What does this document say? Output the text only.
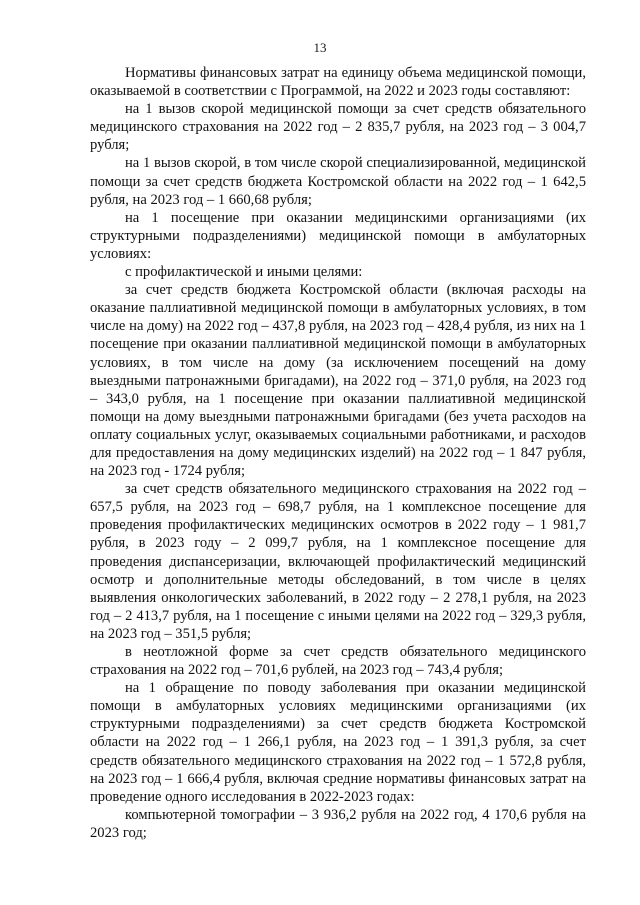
13

Нормативы финансовых затрат на единицу объема медицинской помощи, оказываемой в соответствии с Программой, на 2022 и 2023 годы составляют:

на 1 вызов скорой медицинской помощи за счет средств обязательного медицинского страхования на 2022 год – 2 835,7 рубля, на 2023 год – 3 004,7 рубля;

на 1 вызов скорой, в том числе скорой специализированной, медицинской помощи за счет средств бюджета Костромской области на 2022 год – 1 642,5 рубля, на 2023 год – 1 660,68 рубля;

на 1 посещение при оказании медицинскими организациями (их структурными подразделениями) медицинской помощи в амбулаторных условиях:

с профилактической и иными целями:

за счет средств бюджета Костромской области (включая расходы на оказание паллиативной медицинской помощи в амбулаторных условиях, в том числе на дому) на 2022 год – 437,8 рубля, на 2023 год – 428,4 рубля, из них на 1 посещение при оказании паллиативной медицинской помощи в амбулаторных условиях, в том числе на дому (за исключением посещений на дому выездными патронажными бригадами), на 2022 год – 371,0 рубля, на 2023 год – 343,0 рубля, на 1 посещение при оказании паллиативной медицинской помощи на дому выездными патронажными бригадами (без учета расходов на оплату социальных услуг, оказываемых социальными работниками, и расходов для предоставления на дому медицинских изделий) на 2022 год – 1 847 рубля, на 2023 год - 1724 рубля;

за счет средств обязательного медицинского страхования на 2022 год – 657,5 рубля, на 2023 год – 698,7 рубля, на 1 комплексное посещение для проведения профилактических медицинских осмотров в 2022 году – 1 981,7 рубля, в 2023 году – 2 099,7 рубля, на 1 комплексное посещение для проведения диспансеризации, включающей профилактический медицинский осмотр и дополнительные методы обследований, в том числе в целях выявления онкологических заболеваний, в 2022 году – 2 278,1 рубля, на 2023 год – 2 413,7 рубля, на 1 посещение с иными целями на 2022 год – 329,3 рубля, на 2023 год – 351,5 рубля;

в неотложной форме за счет средств обязательного медицинского страхования на 2022 год – 701,6 рублей, на 2023 год – 743,4 рубля;

на 1 обращение по поводу заболевания при оказании медицинской помощи в амбулаторных условиях медицинскими организациями (их структурными подразделениями) за счет средств бюджета Костромской области на 2022 год – 1 266,1 рубля, на 2023 год – 1 391,3 рубля, за счет средств обязательного медицинского страхования на 2022 год – 1 572,8 рубля, на 2023 год – 1 666,4 рубля, включая средние нормативы финансовых затрат на проведение одного исследования в 2022-2023 годах:

компьютерной томографии – 3 936,2 рубля на 2022 год, 4 170,6 рубля на 2023 год;
